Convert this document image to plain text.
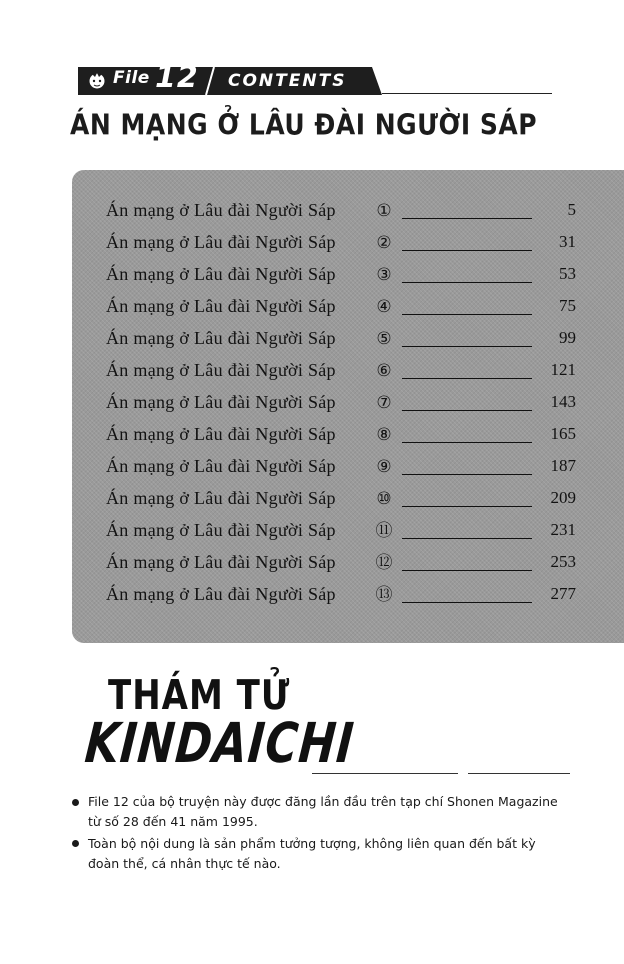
File 12 CONTENTS
ÁN MẠNG Ở LÂU ĐÀI NGƯỜI SÁP
Án mạng ở Lâu đài Người Sáp ①	5
Án mạng ở Lâu đài Người Sáp ②	31
Án mạng ở Lâu đài Người Sáp ③	53
Án mạng ở Lâu đài Người Sáp ④	75
Án mạng ở Lâu đài Người Sáp ⑤	99
Án mạng ở Lâu đài Người Sáp ⑥	121
Án mạng ở Lâu đài Người Sáp ⑦	143
Án mạng ở Lâu đài Người Sáp ⑧	165
Án mạng ở Lâu đài Người Sáp ⑨	187
Án mạng ở Lâu đài Người Sáp ⑩	209
Án mạng ở Lâu đài Người Sáp ⑪	231
Án mạng ở Lâu đài Người Sáp ⑫	253
Án mạng ở Lâu đài Người Sáp ⑬	277
THÁM TỬ
KINDAICHI
File 12 của bộ truyện này được đăng lần đầu trên tạp chí Shonen Magazine từ số 28 đến 41 năm 1995.
Toàn bộ nội dung là sản phẩm tưởng tượng, không liên quan đến bất kỳ đoàn thể, cá nhân thực tế nào.
